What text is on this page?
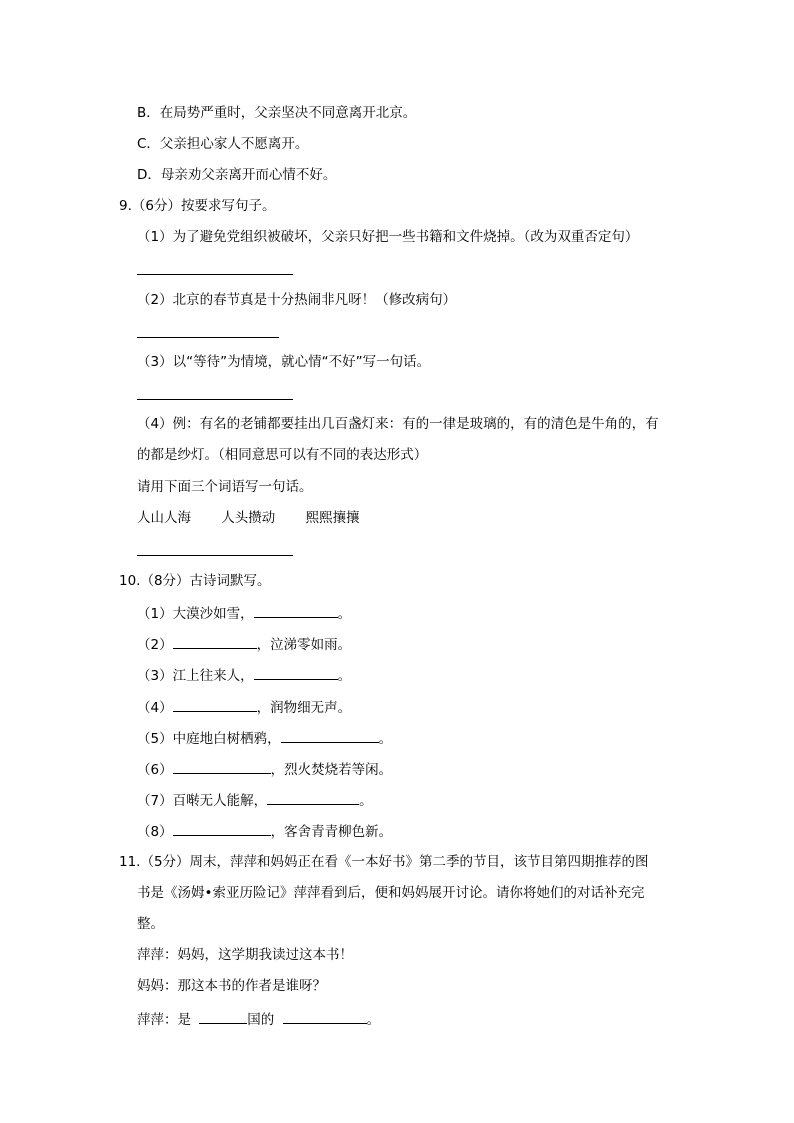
B．在局势严重时，父亲坚决不同意离开北京。
C．父亲担心家人不愿离开。
D．母亲劝父亲离开而心情不好。
9.（6分）按要求写句子。
（1）为了避免党组织被破坏，父亲只好把一些书籍和文件烧掉。（改为双重否定句）
（2）北京的春节真是十分热闹非凡呀！（修改病句）
（3）以“等待”为情境，就心情“不好”写一句话。
（4）例：有名的老铺都要挂出几百盏灯来：有的一律是玻璃的，有的清色是牛角的，有
的都是纱灯。（相同意思可以有不同的表达形式）
请用下面三个词语写一句话。
人山人海 人头攒动 熙熙攘攘
10.（8分）古诗词默写。
（1）大漠沙如雪，	。
（2）	，泣涕零如雨。
（3）江上往来人，	。
（4）	，润物细无声。
（5）中庭地白树栖鸦，	。
（6）	，烈火焚烧若等闲。
（7）百啭无人能解，	。
（8）	，客舍青青柳色新。
11.（5分）周末，萍萍和妈妈正在看《一本好书》第二季的节目，该节目第四期推荐的图
书是《汤姆•索亚历险记》萍萍看到后，便和妈妈展开讨论。请你将她们的对话补充完
整。
萍萍：妈妈，这学期我读过这本书！
妈妈：那这本书的作者是谁呀？
萍萍：是	国的	。
